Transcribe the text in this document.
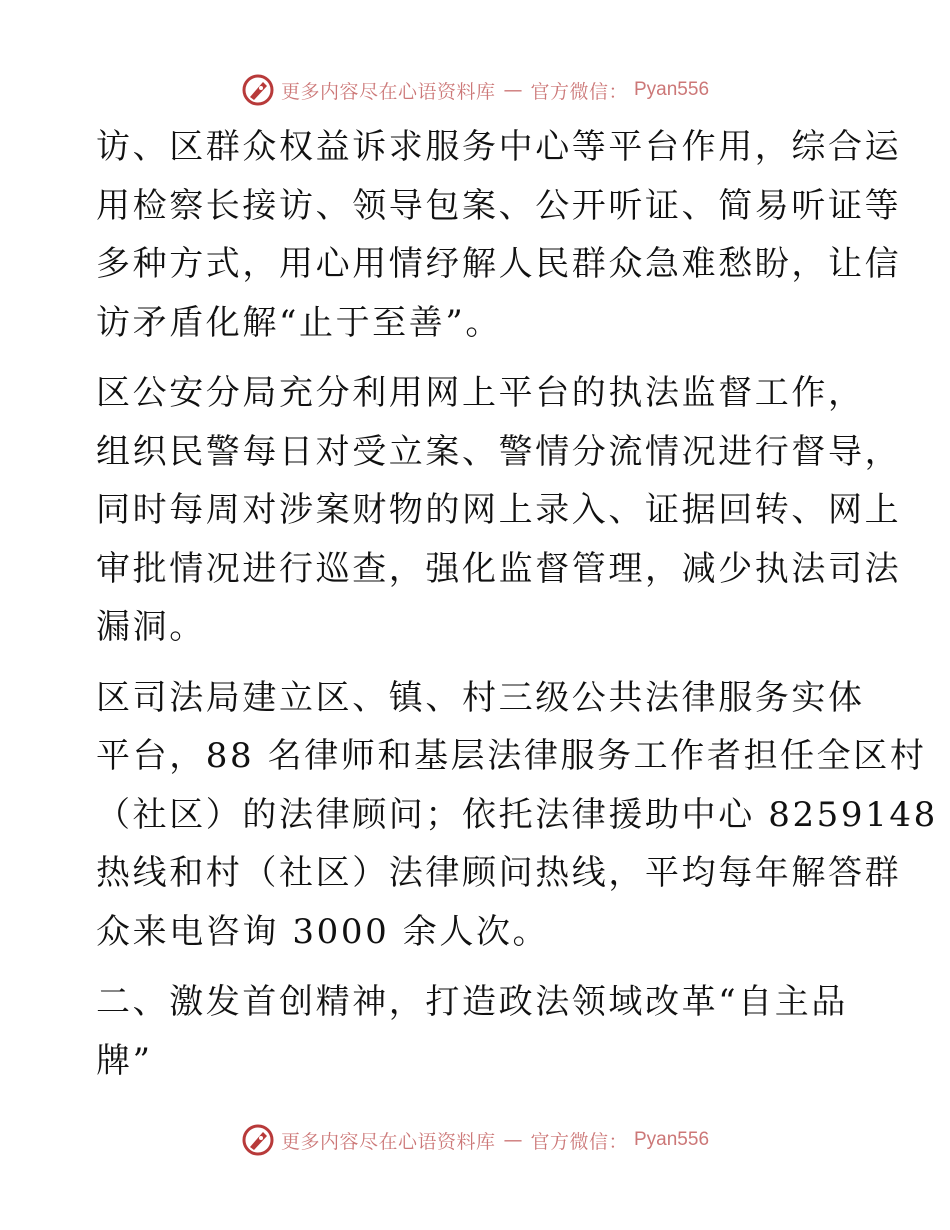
更多内容尽在心语资料库 — 官方微信： Pyan556

访、区群众权益诉求服务中心等平台作用，综合运
用检察长接访、领导包案、公开听证、简易听证等
多种方式，用心用情纾解人民群众急难愁盼，让信
访矛盾化解“止于至善”。

区公安分局充分利用网上平台的执法监督工作，
组织民警每日对受立案、警情分流情况进行督导，
同时每周对涉案财物的网上录入、证据回转、网上
审批情况进行巡查，强化监督管理，减少执法司法
漏洞。

区司法局建立区、镇、村三级公共法律服务实体
平台，88 名律师和基层法律服务工作者担任全区村
（社区）的法律顾问；依托法律援助中心 8259148
热线和村（社区）法律顾问热线，平均每年解答群
众来电咨询 3000 余人次。

二、激发首创精神，打造政法领域改革“自主品
牌”

更多内容尽在心语资料库 — 官方微信： Pyan556
